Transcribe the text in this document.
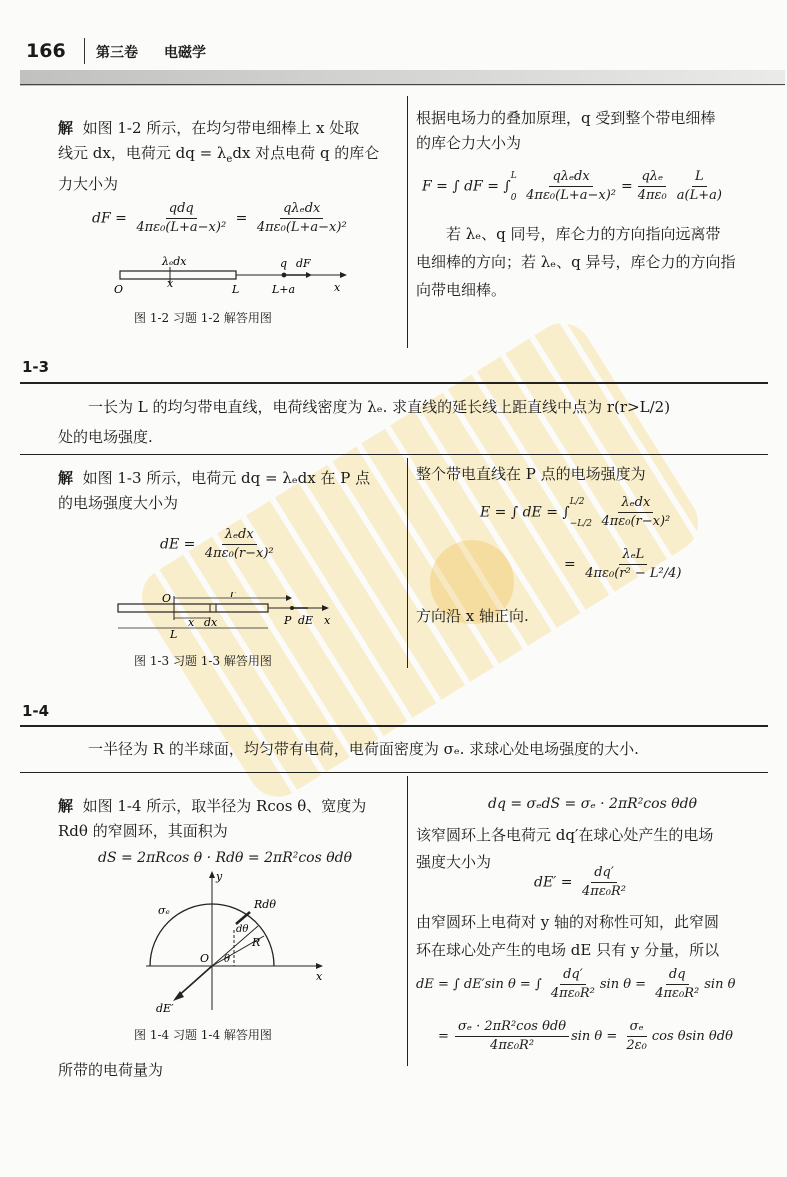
166 第三卷 电磁学
解 如图 1-2 所示，在均匀带电细棒上 x 处取
线元 dx，电荷元 dq = $\lambda_edx$ 对点电荷 q 的库仑
力大小为
dF = $\frac{\text{qdq}}{\text{4πε₀(L+a−x)²}} = \frac{\text{qλₑdx}}{\text{4πε₀(L+a−x)²}}$
λₑdx
x
q dF
O	L	L+a	x
图 1-2 习题 1-2 解答用图
根据电场力的叠加原理，q 受到整个带电细棒
的库仑力大小为
F = ∫ dF = ∫
L
0
$\frac{\text{qλₑdx}}{\text{4πε₀(L+a−x)²}} = \frac{\text{qλₑ}}{\text{4πε₀}} \frac{L}{a(L+a)}$
若 λₑ、q 同号，库仑力的方向指向远离带
电细棒的方向；若 λₑ、q 异号，库仑力的方向指
向带电细棒。
1-3
一长为 L 的均匀带电直线，电荷线密度为 λₑ. 求直线的延长线上距直线中点为 r(r>L/2)
处的电场强度.
解 如图 1-3 所示，电荷元 dq = λₑdx 在 P 点
的电场强度大小为
dE = $\frac{\text{λₑdx}}{\text{4πε₀(r−x)²}}$
O	r
x dx
L
P dE x
图 1-3 习题 1-3 解答用图
整个带电直线在 P 点的电场强度为
E = ∫ dE = ∫
L/2
−L/2
$\frac{\text{λₑdx}}{\text{4πε₀(r−x)²}}$
= $\frac{\text{λₑL}}{\text{4πε₀(r² − L²/4)}}$
方向沿 x 轴正向.
1-4
一半径为 R 的半球面，均匀带有电荷，电荷面密度为 σₑ. 求球心处电场强度的大小.
解 如图 1-4 所示，取半径为 Rcos θ、宽度为
Rdθ 的窄圆环，其面积为
dS = 2πRcos θ · Rdθ = 2πR²cos θdθ
y
σₑ	Rdθ
dθ
R
O θ
x
dE′
图 1-4 习题 1-4 解答用图
所带的电荷量为
dq = σₑdS = σₑ · 2πR²cos θdθ
该窄圆环上各电荷元 dq′在球心处产生的电场
强度大小为
$dE' = \frac{dq'}{\text{4πε₀R²}}$
由窄圆环上电荷对 y 轴的对称性可知，此窄圆
环在球心处产生的电场 dE 只有 y 分量，所以
dE = ∫ dE′sin θ = ∫ $\frac{dq'}{\text{4πε₀R²}}$ $\sin \theta = \frac{dq}{\text{4πε₀R²}}$ sin θ
= $\frac{\text{σₑ · 2πR²cos θdθ}}{\text{4πε₀R²}}$ $\sin \theta = \frac{\text{σₑ}}{\text{2ε₀}}$ cos θsin θdθ
